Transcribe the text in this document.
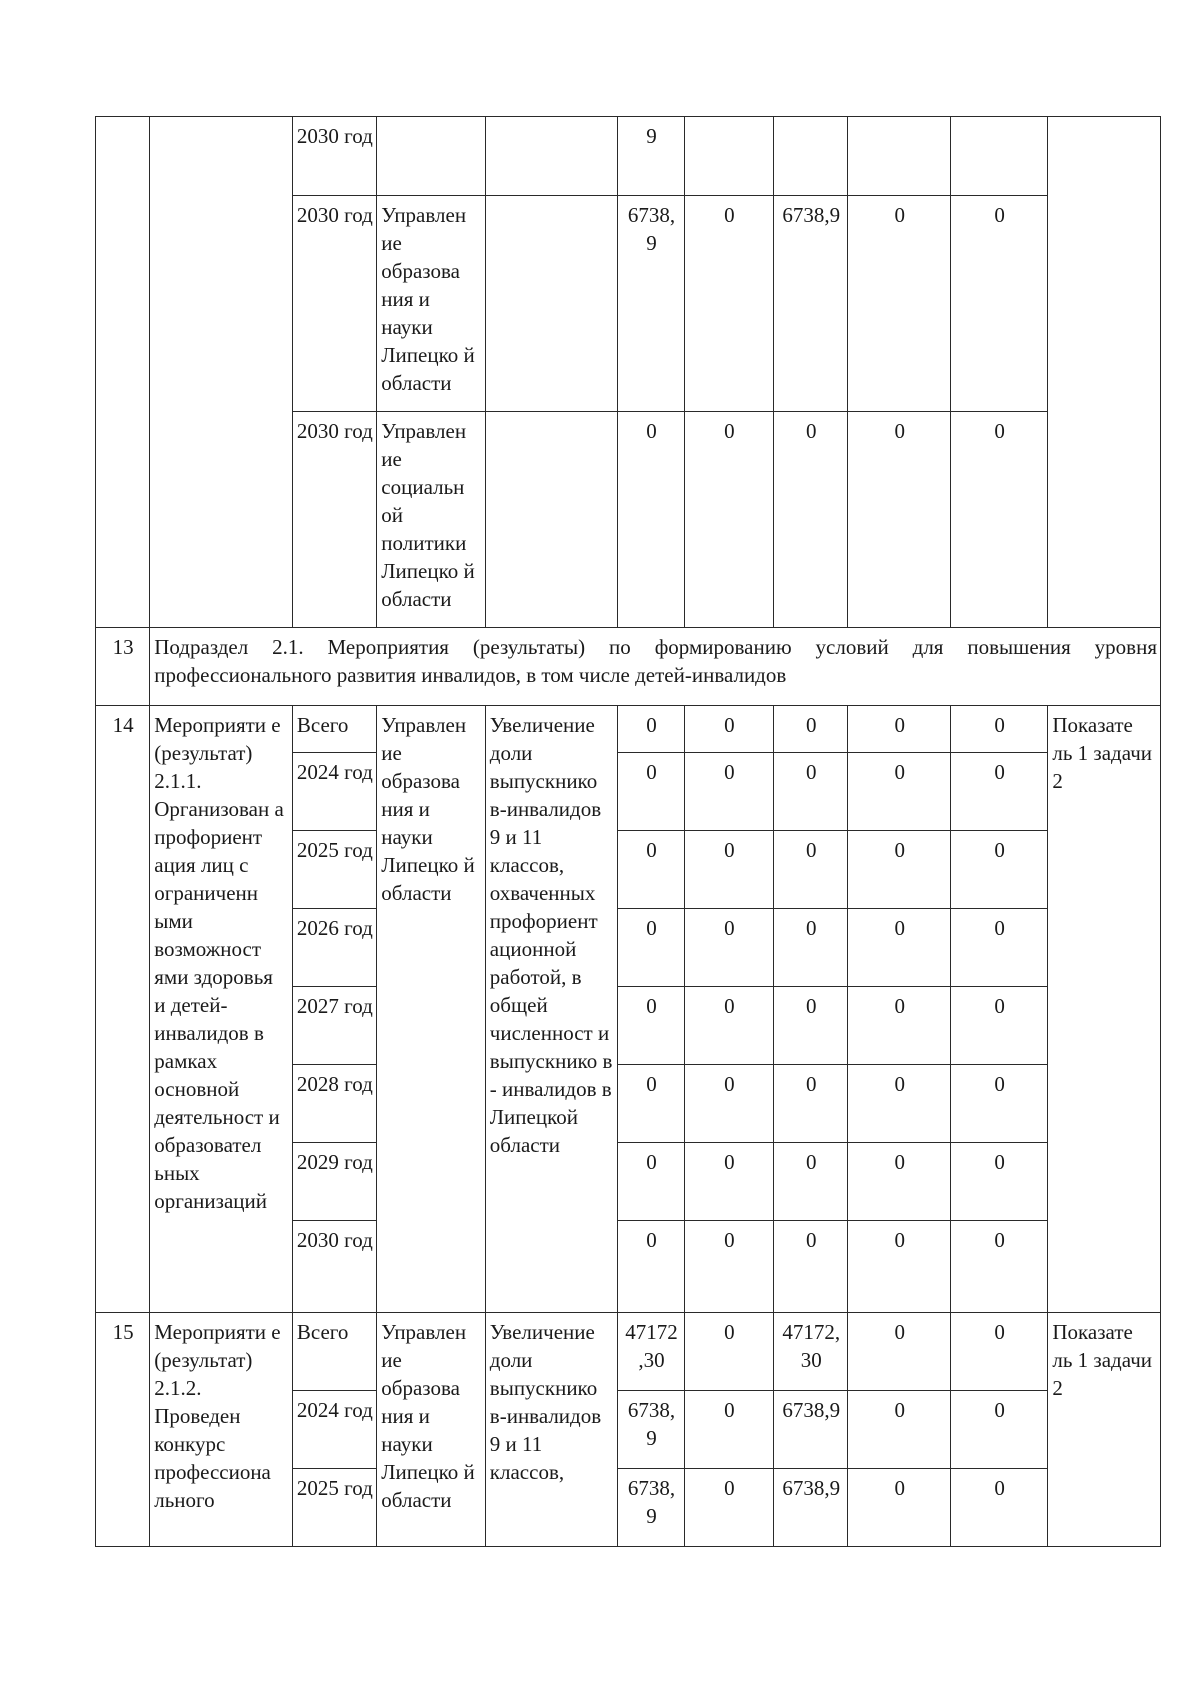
		2030 год			9					
		2030 год	Управлен ие образова ния и науки Липецко й области		6738, 9	0	6738,9	0	0	
		2030 год	Управлен ие социальн ой политики Липецко й области		0	0	0	0	0	
13	Подраздел 2.1. Мероприятия (результаты) по формированию условий для повышения уровня профессионального развития инвалидов, в том числе детей-инвалидов									
14	Мероприяти е (результат) 2.1.1. Организован а профориент ация лиц с ограниченн ыми возможност ями здоровья и детей-инвалидов в рамках основной деятельност и образовател ьных организаций	Всего	Управлен ие образова ния и науки Липецко й области	Увеличение доли выпускнико в-инвалидов 9 и 11 классов, охваченных профориент ационной работой, в общей численност и выпускнико в - инвалидов в Липецкой области	0	0	0	0	0	Показате ль 1 задачи 2
		2024 год			0	0	0	0	0	
		2025 год			0	0	0	0	0	
		2026 год			0	0	0	0	0	
		2027 год			0	0	0	0	0	
		2028 год			0	0	0	0	0	
		2029 год			0	0	0	0	0	
		2030 год			0	0	0	0	0	
15	Мероприяти е (результат) 2.1.2. Проведен конкурс профессиона льного	Всего	Управлен ие образова ния и науки Липецко й области	Увеличение доли выпускнико в-инвалидов 9 и 11 классов,	47172 ,30	0	47172, 30	0	0	Показате ль 1 задачи 2
		2024 год			6738, 9	0	6738,9	0	0	
		2025 год			6738, 9	0	6738,9	0	0	
